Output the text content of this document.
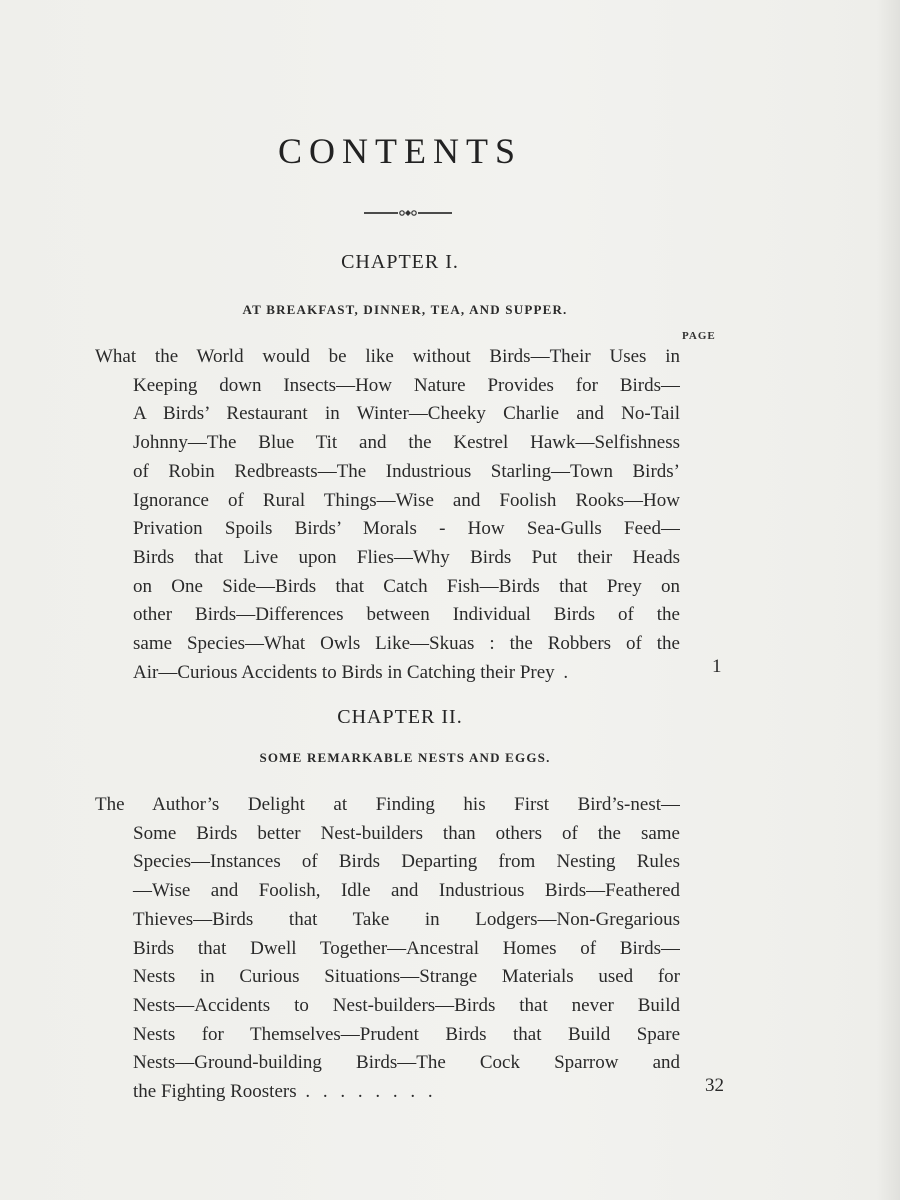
⁠ ⁠
⁠ ⁠
CONTENTS
CHAPTER I.
AT BREAKFAST, DINNER, TEA, AND SUPPER.
PAGE
What the World would be like without Birds—Their Uses in
Keeping down Insects—How Nature Provides for Birds—
A Birds’ Restaurant in Winter—Cheeky Charlie and No-Tail
Johnny—The Blue Tit and the Kestrel Hawk—Selfishness
of Robin Redbreasts—The Industrious Starling—Town Birds’
Ignorance of Rural Things—Wise and Foolish Rooks—How
Privation Spoils Birds’ Morals - How Sea-Gulls Feed—
Birds that Live upon Flies—Why Birds Put their Heads
on One Side—Birds that Catch Fish—Birds that Prey on
other Birds—Differences between Individual Birds of the
same Species—What Owls Like—Skuas : the Robbers of the
Air—Curious Accidents to Birds in Catching their Prey .	1
CHAPTER II.
SOME REMARKABLE NESTS AND EGGS.
The Author’s Delight at Finding his First Bird’s-nest—
Some Birds better Nest-builders than others of the same
Species—Instances of Birds Departing from Nesting Rules
—Wise and Foolish, Idle and Industrious Birds—Feathered
Thieves—Birds that Take in Lodgers—Non-Gregarious
Birds that Dwell Together—Ancestral Homes of Birds—
Nests in Curious Situations—Strange Materials used for
Nests—Accidents to Nest-builders—Birds that never Build
Nests for Themselves—Prudent Birds that Build Spare
Nests—Ground-building Birds—The Cock Sparrow and
the Fighting Roosters . . . . . . . .	32
